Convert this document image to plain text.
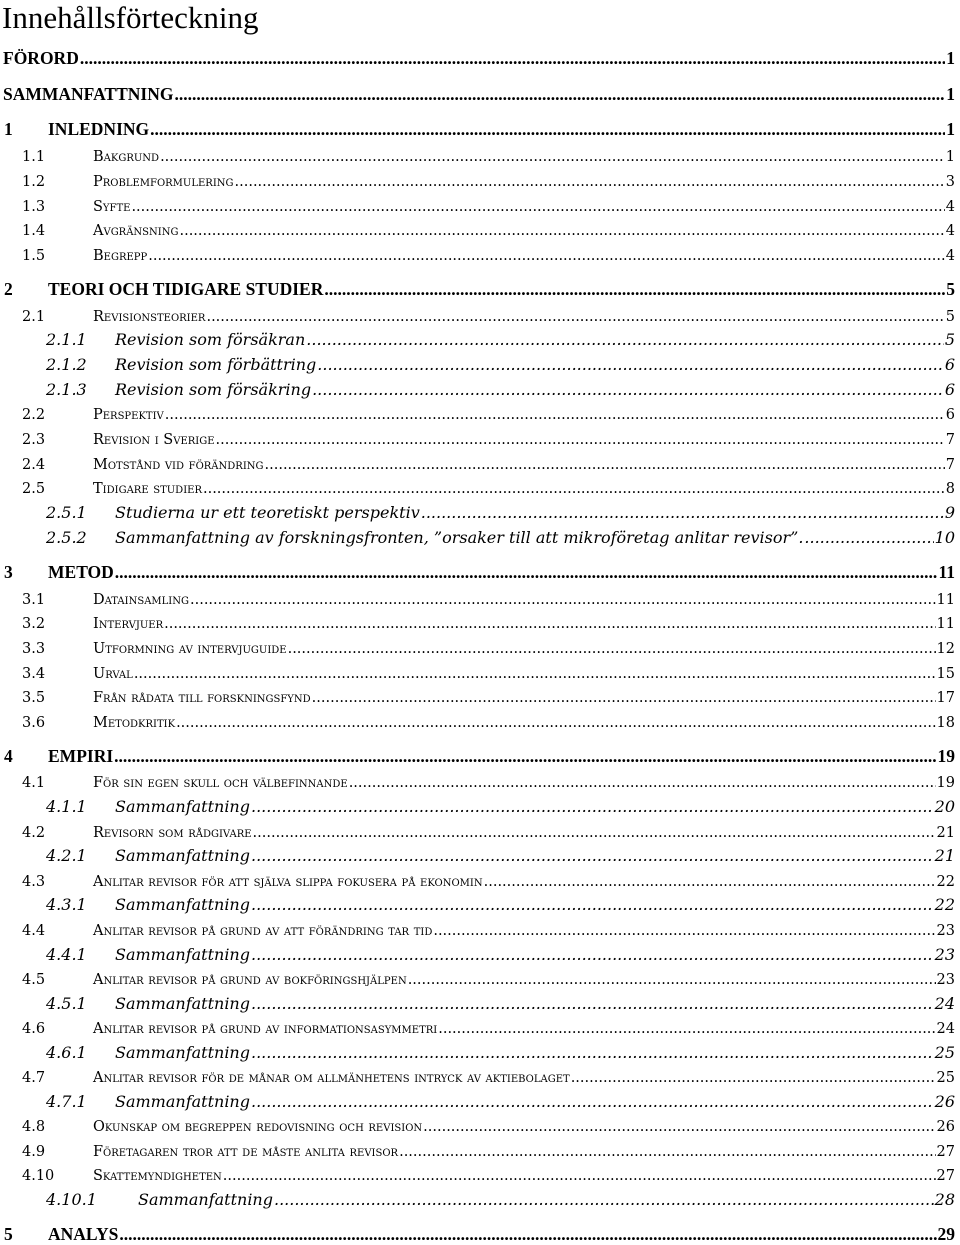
Innehållsförteckning
FÖRORD .....	1
SAMMANFATTNING .....	1
1 INLEDNING .....	1
1.1	Bakgrund .....	1
1.2	Problemformulering .....	3
1.3	Syfte .....	4
1.4	Avgränsning .....	4
1.5	Begrepp .....	4
2 TEORI OCH TIDIGARE STUDIER .....	5
2.1	Revisionsteorier .....	5
2.1.1 Revision som försäkran .....	5
2.1.2 Revision som förbättring .....	6
2.1.3 Revision som försäkring .....	6
2.2	Perspektiv .....	6
2.3	Revision i Sverige .....	7
2.4	Motstånd vid förändring .....	7
2.5	Tidigare studier .....	8
2.5.1 Studierna ur ett teoretiskt perspektiv .....	9
2.5.2 Sammanfattning av forskningsfronten, ”orsaker till att mikroföretag anlitar revisor”. .....	10
3 METOD .....	11
3.1	Datainsamling .....	11
3.2	Intervjuer .....	11
3.3	Utformning av intervjuguide .....	12
3.4	Urval .....	15
3.5	Från rådata till forskningsfynd .....	17
3.6	Metodkritik .....	18
4 EMPIRI .....	19
4.1	För sin egen skull och välbefinnande .....	19
4.1.1 Sammanfattning .....	20
4.2	Revisorn som rådgivare .....	21
4.2.1 Sammanfattning .....	21
4.3	Anlitar revisor för att själva slippa fokusera på ekonomin .....	22
4.3.1 Sammanfattning .....	22
4.4	Anlitar revisor på grund av att förändring tar tid .....	23
4.4.1 Sammanfattning .....	23
4.5	Anlitar revisor på grund av bokföringshjälpen .....	23
4.5.1 Sammanfattning .....	24
4.6	Anlitar revisor på grund av informationsasymmetri .....	24
4.6.1 Sammanfattning .....	25
4.7	Anlitar revisor för de månar om allmänhetens intryck av aktiebolaget .....	25
4.7.1 Sammanfattning .....	26
4.8	Okunskap om begreppen redovisning och revision .....	26
4.9	Företagaren tror att de måste anlita revisor .....	27
4.10	Skattemyndigheten .....	27
4.10.1	Sammanfattning .....	28
5 ANALYS .....	29
